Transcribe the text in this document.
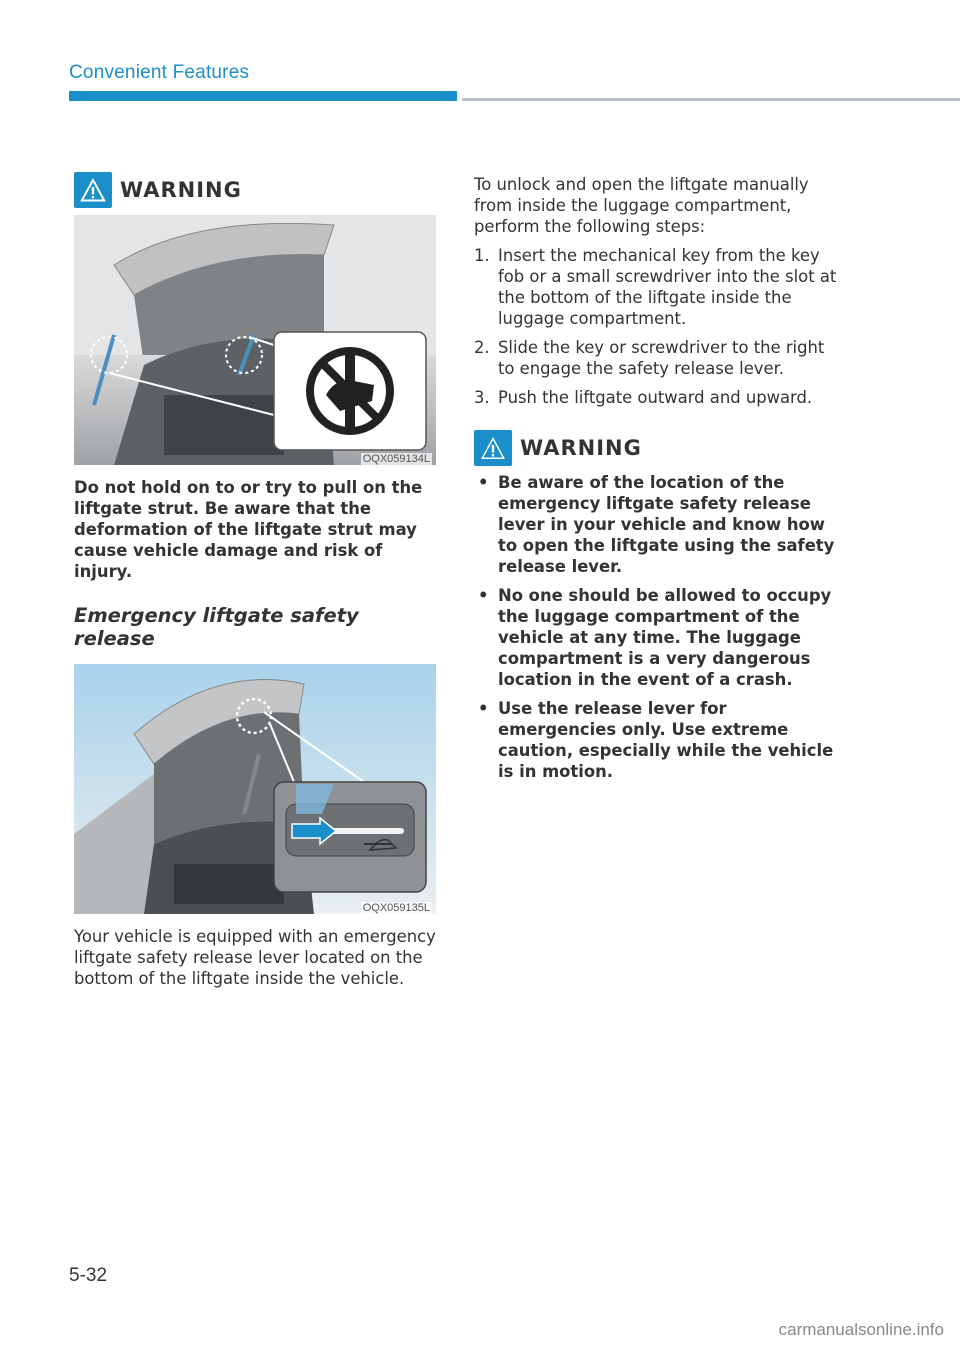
Convenient Features
WARNING
OQX059134L
Do not hold on to or try to pull on the liftgate strut. Be aware that the deformation of the liftgate strut may cause vehicle damage and risk of injury.
Emergency liftgate safety release
OQX059135L
Your vehicle is equipped with an emergency liftgate safety release lever located on the bottom of the liftgate inside the vehicle.
To unlock and open the liftgate manually from inside the luggage compartment, perform the following steps:
1. Insert the mechanical key from the key fob or a small screwdriver into the slot at the bottom of the liftgate inside the luggage compartment.
2. Slide the key or screwdriver to the right to engage the safety release lever.
3. Push the liftgate outward and upward.
WARNING
• Be aware of the location of the emergency liftgate safety release lever in your vehicle and know how to open the liftgate using the safety release lever.
• No one should be allowed to occupy the luggage compartment of the vehicle at any time. The luggage compartment is a very dangerous location in the event of a crash.
• Use the release lever for emergencies only. Use extreme caution, especially while the vehicle is in motion.
5-32
carmanualsonline.info
